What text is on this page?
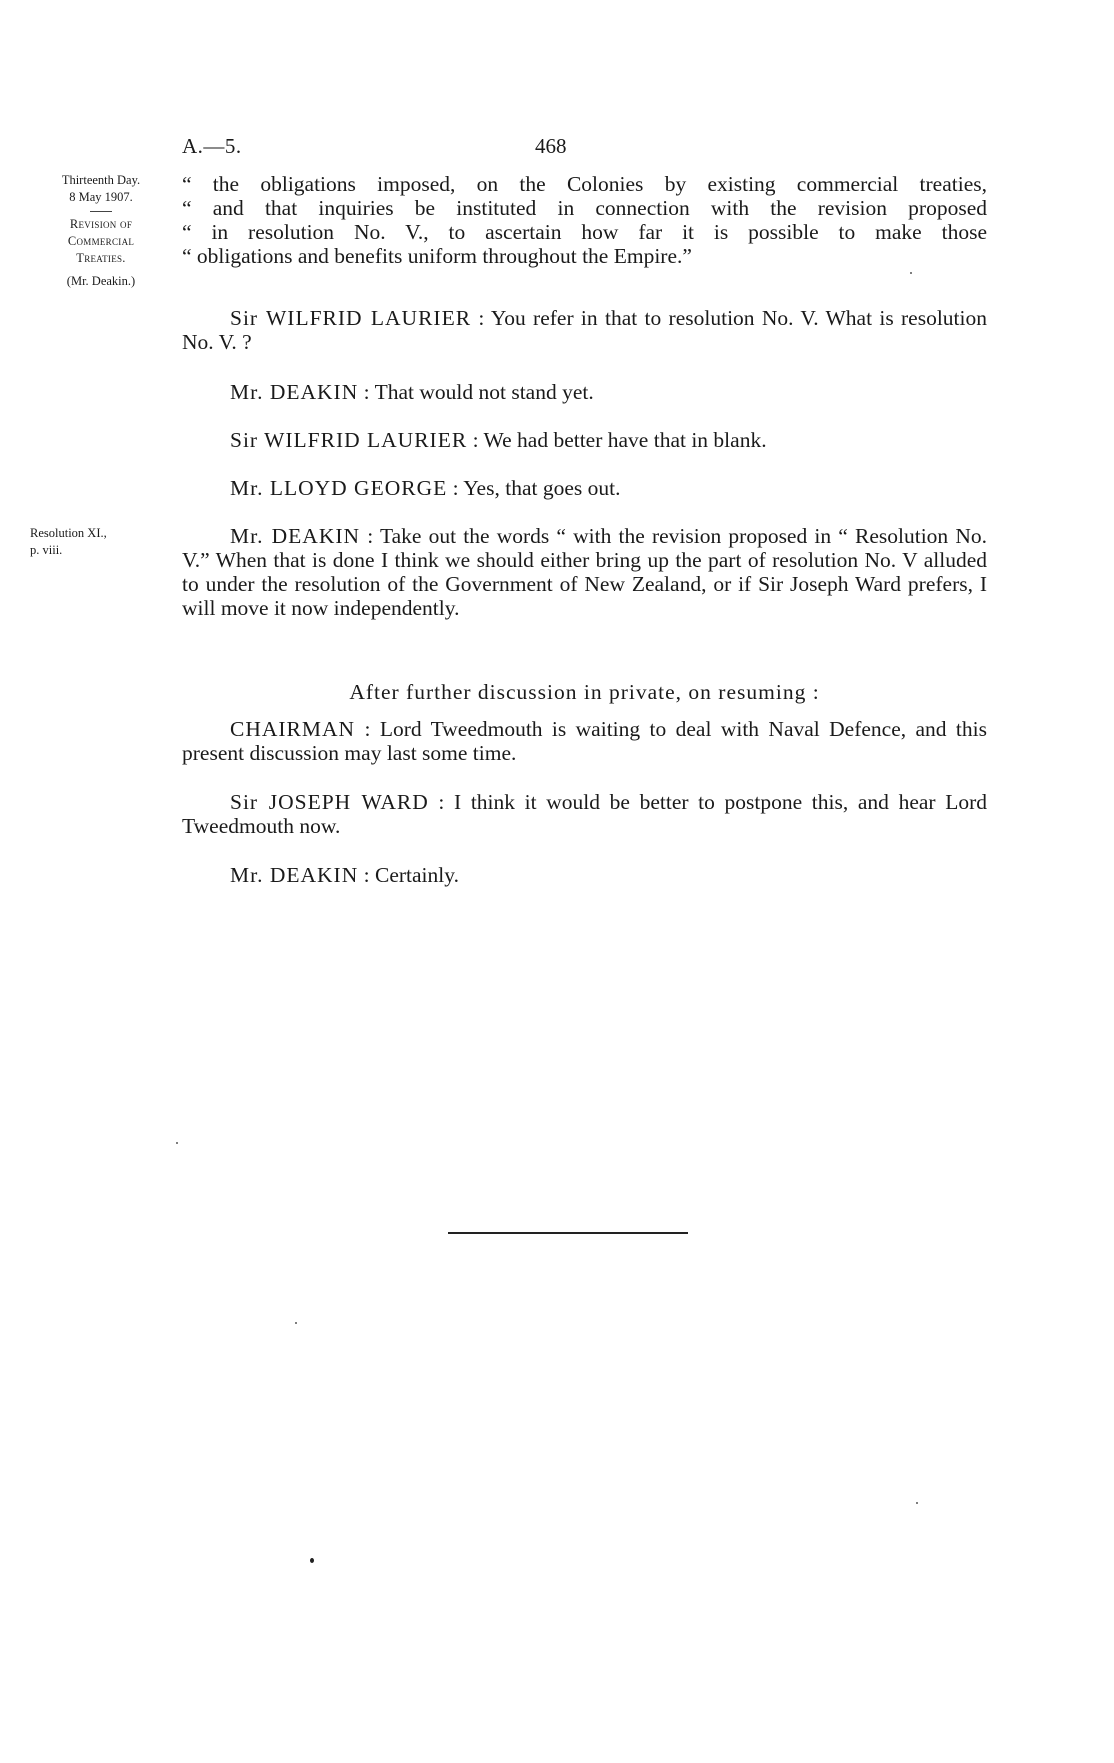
A.—5.	468
Thirteenth Day.
8 May 1907.
Revision of
Commercial
Treaties.
(Mr. Deakin.)
Resolution XI.,
p. viii.
“ the obligations imposed, on the Colonies by existing commercial treaties,
“ and that inquiries be instituted in connection with the revision proposed
“ in resolution No. V., to ascertain how far it is possible to make those
“ obligations and benefits uniform throughout the Empire.”

Sir WILFRID LAURIER : You refer in that to resolution No. V. What is resolution No. V. ?

Mr. DEAKIN : That would not stand yet.

Sir WILFRID LAURIER : We had better have that in blank.

Mr. LLOYD GEORGE : Yes, that goes out.

Mr. DEAKIN : Take out the words “ with the revision proposed in “ Resolution No. V.” When that is done I think we should either bring up the part of resolution No. V alluded to under the resolution of the Government of New Zealand, or if Sir Joseph Ward prefers, I will move it now independently.

After further discussion in private, on resuming :

CHAIRMAN : Lord Tweedmouth is waiting to deal with Naval Defence, and this present discussion may last some time.

Sir JOSEPH WARD : I think it would be better to postpone this, and hear Lord Tweedmouth now.

Mr. DEAKIN : Certainly.
